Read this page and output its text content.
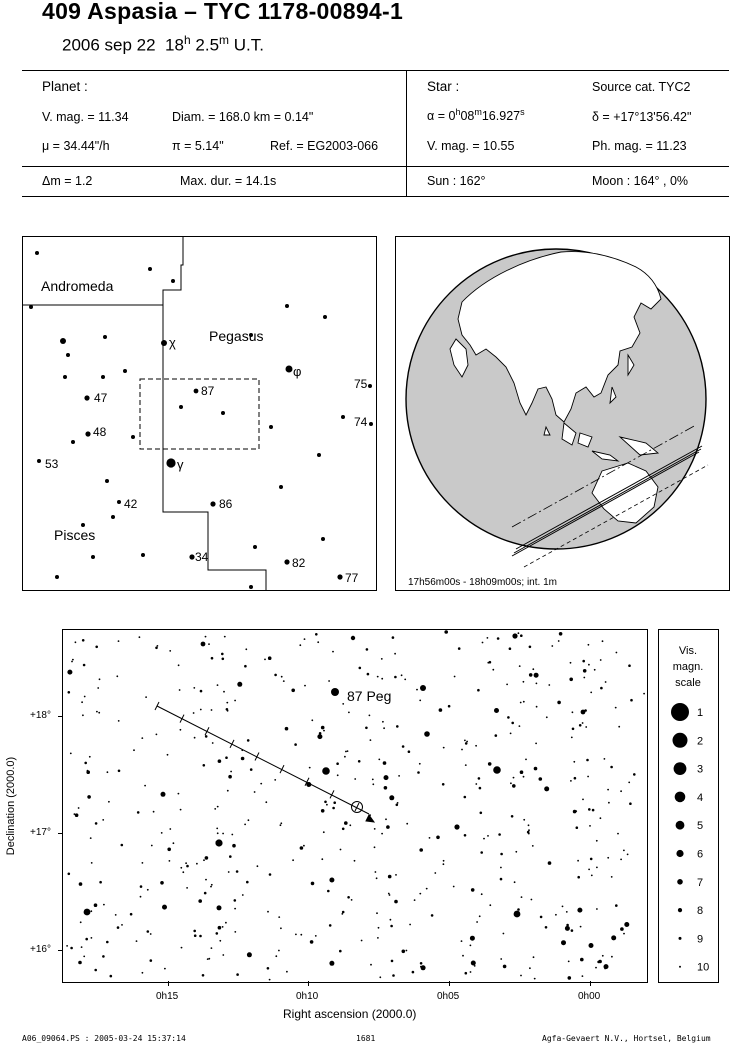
409 Aspasia – TYC 1178-00894-1
2006 sep 22 18$^h$ 2.5$^m$ U.T.
Planet :
V. mag. = 11.34	Diam. = 168.0 km = 0.14"
μ = 34.44"/h	π = 5.14"	Ref. = EG2003-066
Star :	Source cat. TYC2
$\alpha = 0^h08^m16.927^s$	δ = +17°13'56.42"
V. mag. = 10.55	Ph. mag. = 11.23
Δm = 1.2	Max. dur. = 14.1s	Sun : 162°	Moon : 164° , 0%
Andromeda
Pegasus
Pisces
χ
φ
γ
87
47
48
53
42	86
34	82
77
75
74
17h56m00s - 18h09m00s; int. 1m
87 Peg
+18°
+17°
+16°
0h15	0h10	0h05	0h00
Right ascension (2000.0)
Declination (2000.0)
Vis.
magn.
scale
1
2
3
4
5
6
7
8
9
10
A06_09064.PS : 2005-03-24 15:37:14	1681	Agfa-Gevaert N.V., Hortsel, Belgium
